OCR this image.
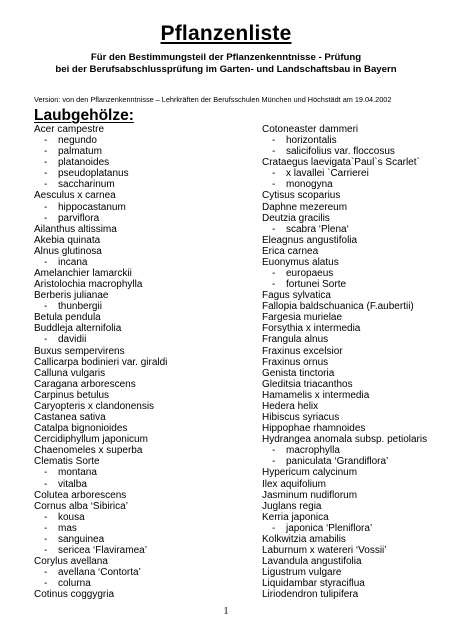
Pflanzenliste
Für den Bestimmungsteil der Pflanzenkenntnisse - Prüfung
bei der Berufsabschlussprüfung im Garten- und Landschaftsbau in Bayern
Version: von den Pflanzenkenntnisse – Lehrkräften der Berufsschulen München und Höchstädt am 19.04.2002
Laubgehölze:
Acer campestre
- negundo
- palmatum
- platanoides
- pseudoplatanus
- saccharinum
Aesculus x carnea
- hippocastanum
- parviflora
Ailanthus altissima
Akebia quinata
Alnus glutinosa
- incana
Amelanchier lamarckii
Aristolochia macrophylla
Berberis julianae
- thunbergii
Betula pendula
Buddleja alternifolia
- davidii
Buxus sempervirens
Callicarpa bodinieri var. giraldi
Calluna vulgaris
Caragana arborescens
Carpinus betulus
Caryopteris x clandonensis
Castanea sativa
Catalpa bignonioides
Cercidiphyllum japonicum
Chaenomeles x superba
Clematis Sorte
- montana
- vitalba
Colutea arborescens
Cornus alba ‘Sibirica’
- kousa
- mas
- sanguinea
- sericea ‘Flaviramea’
Corylus avellana
- avellana ‘Contorta’
- colurna
Cotinus coggygria
Cotoneaster dammeri
- horizontalis
- salicifolius var. floccosus
Crataegus laevigata`Paul`s Scarlet`
- x lavallei `Carrierei
- monogyna
Cytisus scoparius
Daphne mezereum
Deutzia gracilis
- scabra ‘Plena‘
Eleagnus angustifolia
Erica carnea
Euonymus alatus
- europaeus
- fortunei Sorte
Fagus sylvatica
Fallopia baldschuanica (F.aubertii)
Fargesia murielae
Forsythia x intermedia
Frangula alnus
Fraxinus excelsior
Fraxinus ornus
Genista tinctoria
Gleditsia triacanthos
Hamamelis x intermedia
Hedera helix
Hibiscus syriacus
Hippophae rhamnoides
Hydrangea anomala subsp. petiolaris
- macrophylla
- paniculata ‘Grandiflora’
Hypericum calycinum
Ilex aquifolium
Jasminum nudiflorum
Juglans regia
Kerria japonica
- japonica ‘Pleniflora’
Kolkwitzia amabilis
Laburnum x watereri ‘Vossii’
Lavandula angustifolia
Ligustrum vulgare
Liquidambar styraciflua
Liriodendron tulipifera
1
